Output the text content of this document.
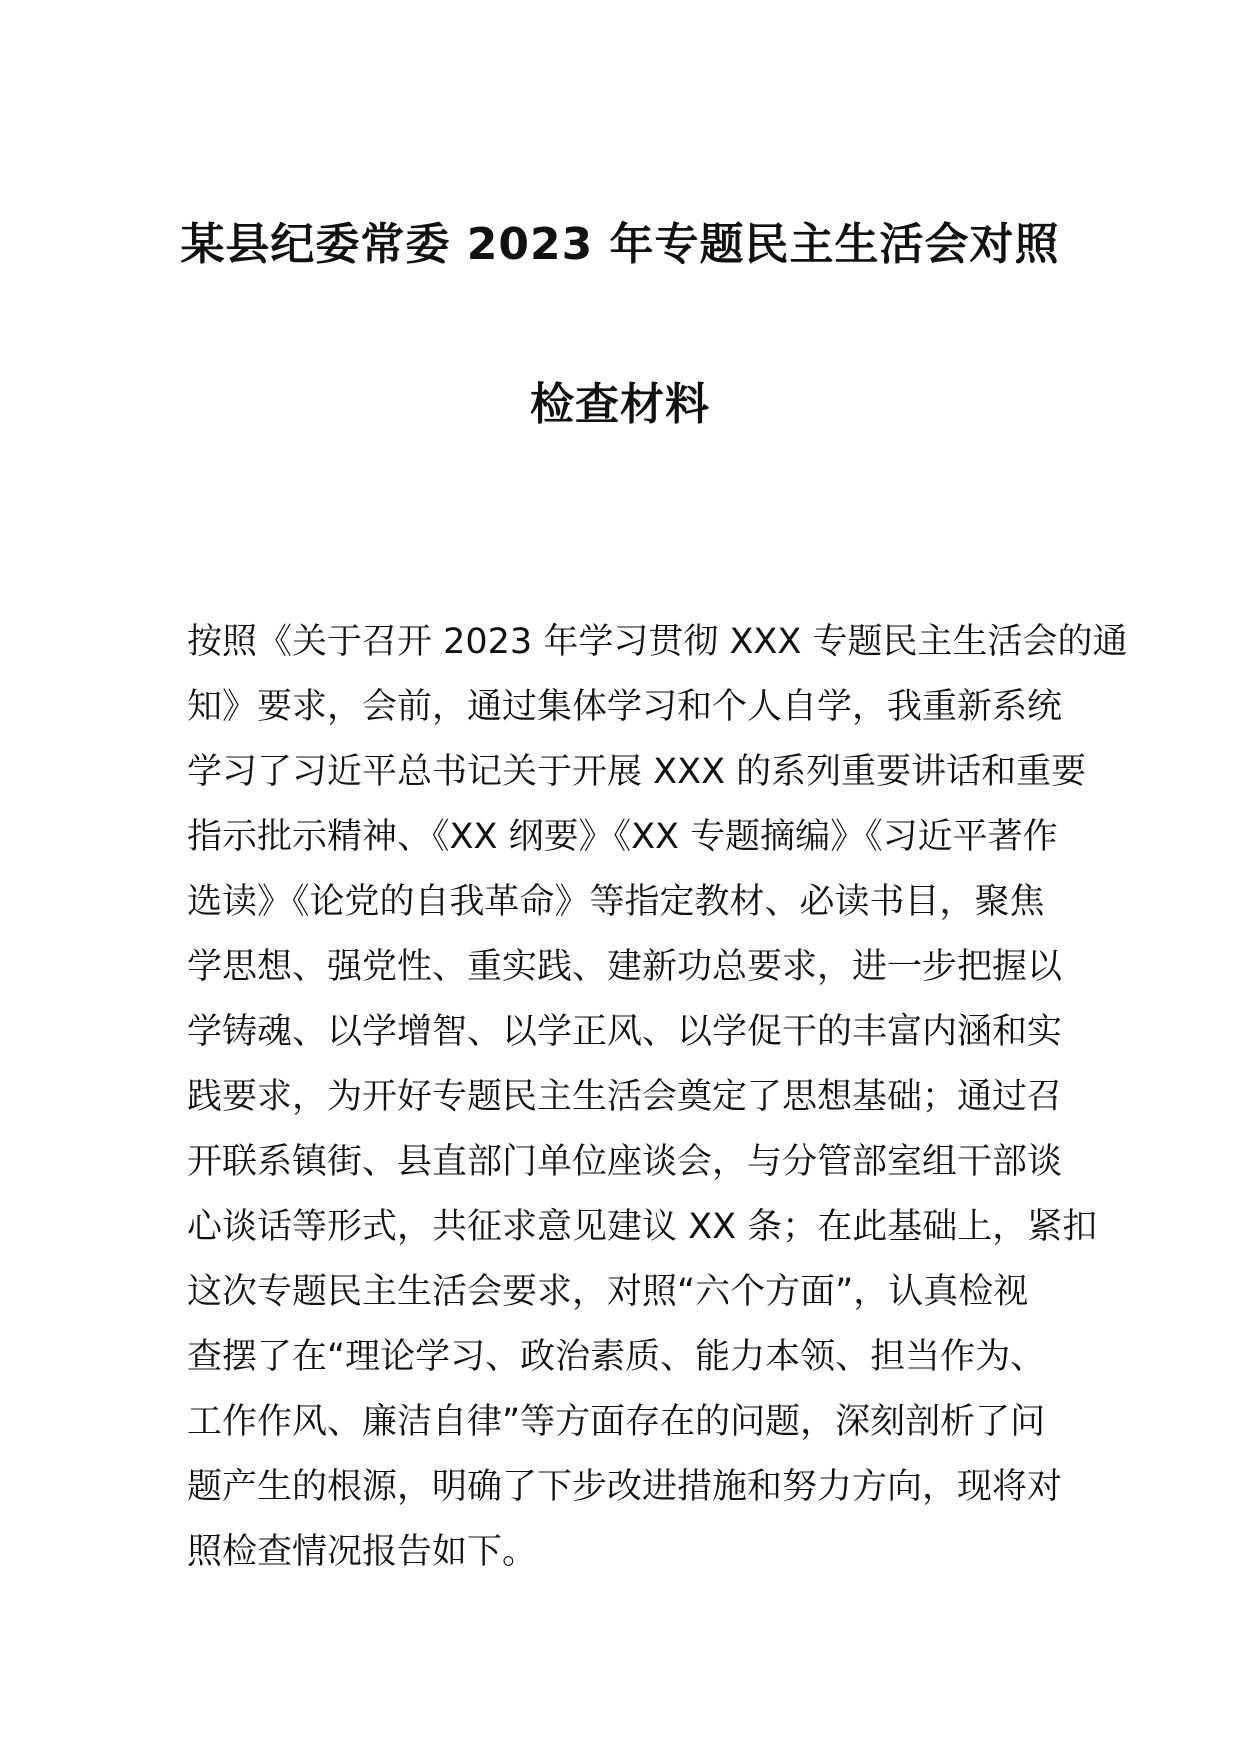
某县纪委常委 2023 年专题民主生活会对照
检查材料
按照《关于召开 2023 年学习贯彻 XXX 专题民主生活会的通
知》要求，会前，通过集体学习和个人自学，我重新系统
学习了习近平总书记关于开展 XXX 的系列重要讲话和重要
指示批示精神、《XX 纲要》《XX 专题摘编》《习近平著作
选读》《论党的自我革命》等指定教材、必读书目，聚焦
学思想、强党性、重实践、建新功总要求，进一步把握以
学铸魂、以学增智、以学正风、以学促干的丰富内涵和实
践要求，为开好专题民主生活会奠定了思想基础；通过召
开联系镇街、县直部门单位座谈会，与分管部室组干部谈
心谈话等形式，共征求意见建议 XX 条；在此基础上，紧扣
这次专题民主生活会要求，对照“六个方面”，认真检视
查摆了在“理论学习、政治素质、能力本领、担当作为、
工作作风、廉洁自律”等方面存在的问题，深刻剖析了问
题产生的根源，明确了下步改进措施和努力方向，现将对
照检查情况报告如下。
